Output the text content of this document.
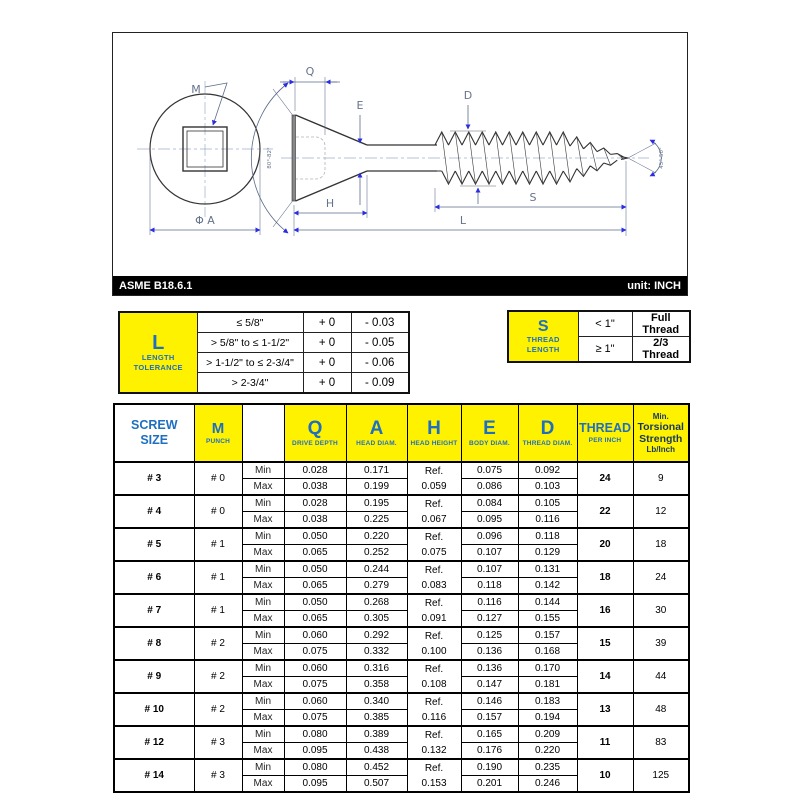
M
Φ A
Q
80°-82°
E
D
S
L
H
45°-50°
ASME B18.6.1	unit: INCH
L
LENGTH
TOLERANCE	≤ 5/8"	+ 0	- 0.03
	> 5/8" to ≤ 1-1/2"	+ 0	- 0.05
	> 1-1/2" to ≤ 2-3/4"	+ 0	- 0.06
	> 2-3/4"	+ 0	- 0.09
S
THREAD
LENGTH	< 1"	Full Thread
	≥ 1"	2/3 Thread
SCREW
SIZE

M
PUNCH

Q
DRIVE DEPTH

A
HEAD DIAM.

H
HEAD HEIGHT

E
BODY DIAM.

D
THREAD DIAM.

THREAD
PER INCH

Min.
Torsional
Strength
Lb/Inch

# 3	# 0	Min	0.028	0.171	Ref.
0.059	0.075	0.092	24	9
		Max	0.038	0.199		0.086	0.103		
# 4	# 0	Min	0.028	0.195	Ref.
0.067	0.084	0.105	22	12
		Max	0.038	0.225		0.095	0.116		
# 5	# 1	Min	0.050	0.220	Ref.
0.075	0.096	0.118	20	18
		Max	0.065	0.252		0.107	0.129		
# 6	# 1	Min	0.050	0.244	Ref.
0.083	0.107	0.131	18	24
		Max	0.065	0.279		0.118	0.142		
# 7	# 1	Min	0.050	0.268	Ref.
0.091	0.116	0.144	16	30
		Max	0.065	0.305		0.127	0.155		
# 8	# 2	Min	0.060	0.292	Ref.
0.100	0.125	0.157	15	39
		Max	0.075	0.332		0.136	0.168		
# 9	# 2	Min	0.060	0.316	Ref.
0.108	0.136	0.170	14	44
		Max	0.075	0.358		0.147	0.181		
# 10	# 2	Min	0.060	0.340	Ref.
0.116	0.146	0.183	13	48
		Max	0.075	0.385		0.157	0.194		
# 12	# 3	Min	0.080	0.389	Ref.
0.132	0.165	0.209	11	83
		Max	0.095	0.438		0.176	0.220		
# 14	# 3	Min	0.080	0.452	Ref.
0.153	0.190	0.235	10	125
		Max	0.095	0.507		0.201	0.246		
